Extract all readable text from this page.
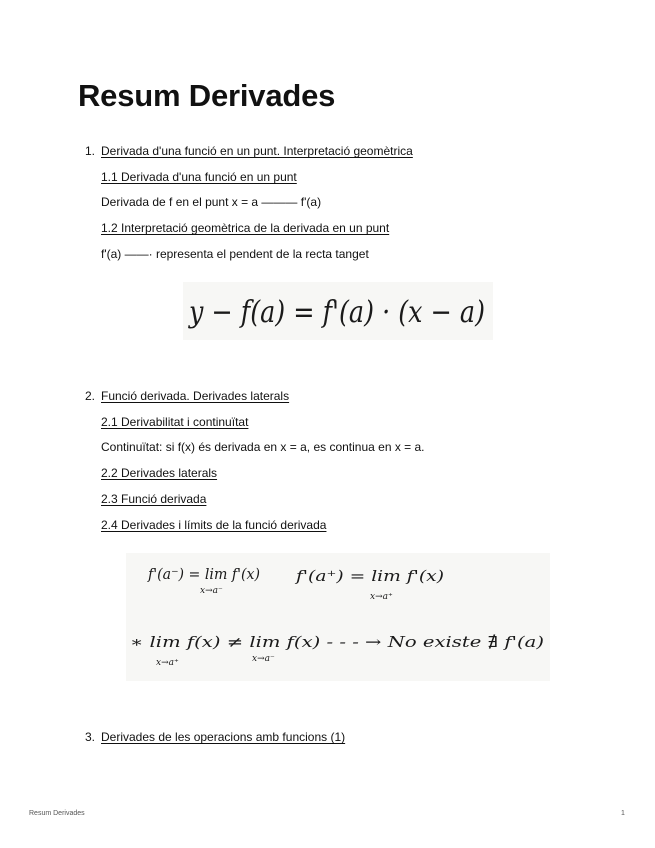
Resum Derivades
1. Derivada d'una funció en un punt. Interpretació geomètrica
1.1 Derivada d'una funció en un punt
Derivada de f en el punt x = a ——— f'(a)
1.2 Interpretació geomètrica de la derivada en un punt
f'(a) ——· representa el pendent de la recta tanget
y − f(a) = f'(a) · (x − a)
2. Funció derivada. Derivades laterals
2.1 Derivabilitat i continuïtat
Continuïtat: si f(x) és derivada en x = a, es continua en x = a.
2.2 Derivades laterals
2.3 Funció derivada
2.4 Derivades i límits de la funció derivada
f'(a⁻) = lim f'(x)
x→a⁻
f'(a⁺) = lim f'(x)
x→a⁺
∗ lim f(x) ≠ lim f(x) - - - → No existe ∄ f'(a)
x→a⁺	x→a⁻
3. Derivades de les operacions amb funcions (1)
Resum Derivades	1
